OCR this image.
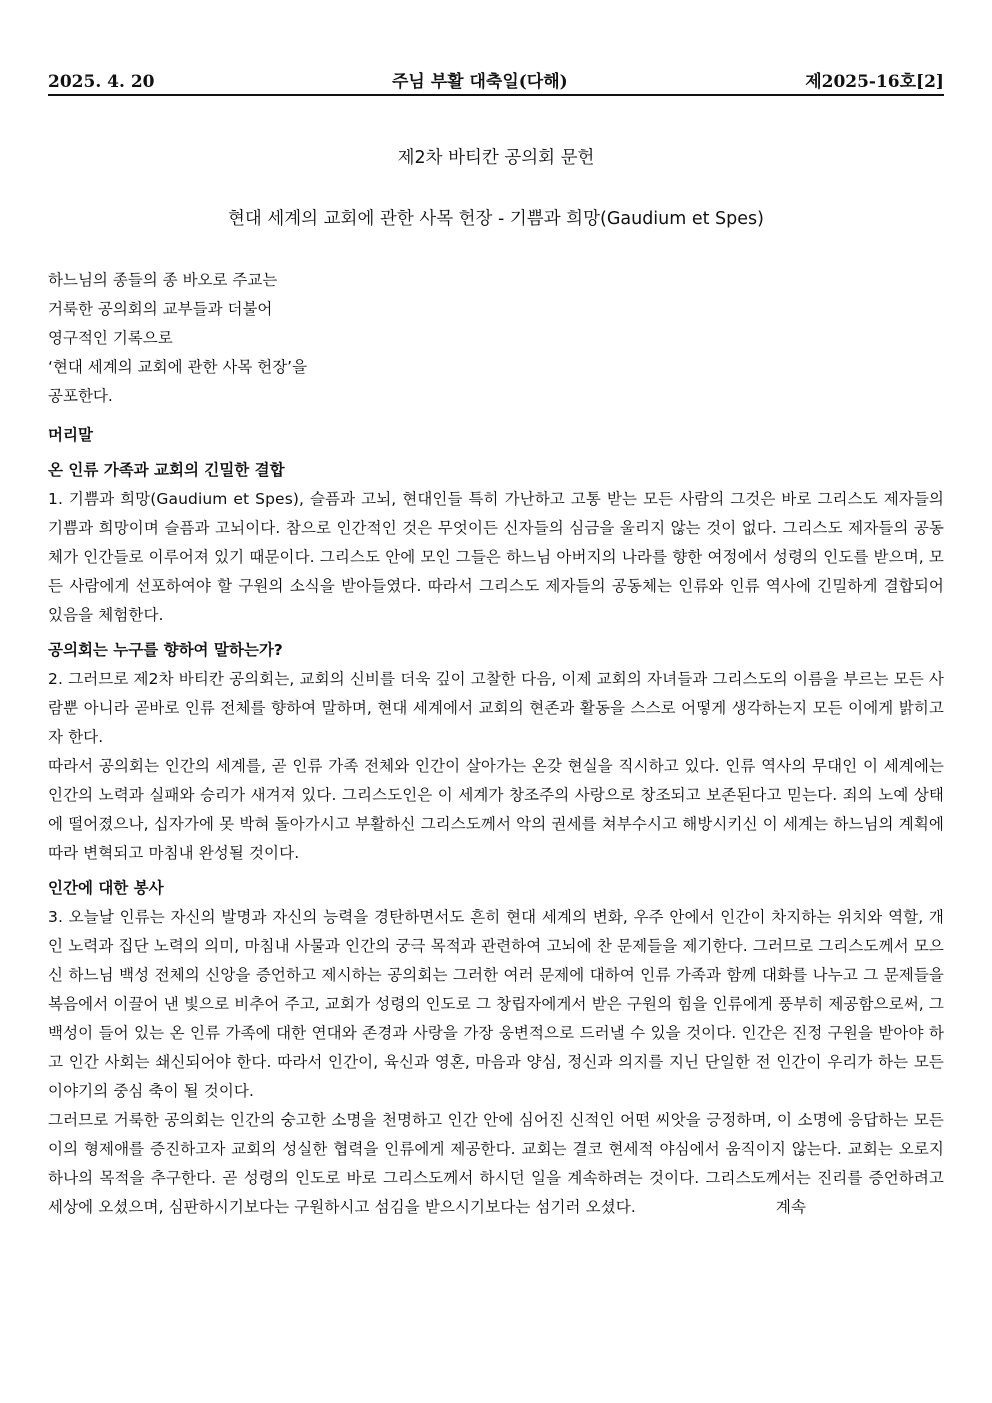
2025. 4. 20	주님 부활 대축일(다해)	제2025-16호[2]
제2차 바티칸 공의회 문헌
현대 세계의 교회에 관한 사목 헌장 - 기쁨과 희망(Gaudium et Spes)
하느님의 종들의 종 바오로 주교는
거룩한 공의회의 교부들과 더불어
영구적인 기록으로
‘현대 세계의 교회에 관한 사목 헌장’을
공포한다.
머리말
온 인류 가족과 교회의 긴밀한 결합
1. 기쁨과 희망(Gaudium et Spes), 슬픔과 고뇌, 현대인들 특히 가난하고 고통 받는 모든 사람의 그것은 바로 그리스도 제자들의 기쁨과 희망이며 슬픔과 고뇌이다. 참으로 인간적인 것은 무엇이든 신자들의 심금을 울리지 않는 것이 없다. 그리스도 제자들의 공동체가 인간들로 이루어져 있기 때문이다. 그리스도 안에 모인 그들은 하느님 아버지의 나라를 향한 여정에서 성령의 인도를 받으며, 모든 사람에게 선포하여야 할 구원의 소식을 받아들였다. 따라서 그리스도 제자들의 공동체는 인류와 인류 역사에 긴밀하게 결합되어 있음을 체험한다.
공의회는 누구를 향하여 말하는가?
2. 그러므로 제2차 바티칸 공의회는, 교회의 신비를 더욱 깊이 고찰한 다음, 이제 교회의 자녀들과 그리스도의 이름을 부르는 모든 사람뿐 아니라 곧바로 인류 전체를 향하여 말하며, 현대 세계에서 교회의 현존과 활동을 스스로 어떻게 생각하는지 모든 이에게 밝히고자 한다.
따라서 공의회는 인간의 세계를, 곧 인류 가족 전체와 인간이 살아가는 온갖 현실을 직시하고 있다. 인류 역사의 무대인 이 세계에는 인간의 노력과 실패와 승리가 새겨져 있다. 그리스도인은 이 세계가 창조주의 사랑으로 창조되고 보존된다고 믿는다. 죄의 노예 상태에 떨어졌으나, 십자가에 못 박혀 돌아가시고 부활하신 그리스도께서 악의 권세를 쳐부수시고 해방시키신 이 세계는 하느님의 계획에 따라 변혁되고 마침내 완성될 것이다.
인간에 대한 봉사
3. 오늘날 인류는 자신의 발명과 자신의 능력을 경탄하면서도 흔히 현대 세계의 변화, 우주 안에서 인간이 차지하는 위치와 역할, 개인 노력과 집단 노력의 의미, 마침내 사물과 인간의 궁극 목적과 관련하여 고뇌에 찬 문제들을 제기한다. 그러므로 그리스도께서 모으신 하느님 백성 전체의 신앙을 증언하고 제시하는 공의회는 그러한 여러 문제에 대하여 인류 가족과 함께 대화를 나누고 그 문제들을 복음에서 이끌어 낸 빛으로 비추어 주고, 교회가 성령의 인도로 그 창립자에게서 받은 구원의 힘을 인류에게 풍부히 제공함으로써, 그 백성이 들어 있는 온 인류 가족에 대한 연대와 존경과 사랑을 가장 웅변적으로 드러낼 수 있을 것이다. 인간은 진정 구원을 받아야 하고 인간 사회는 쇄신되어야 한다. 따라서 인간이, 육신과 영혼, 마음과 양심, 정신과 의지를 지닌 단일한 전 인간이 우리가 하는 모든 이야기의 중심 축이 될 것이다.
그러므로 거룩한 공의회는 인간의 숭고한 소명을 천명하고 인간 안에 심어진 신적인 어떤 씨앗을 긍정하며, 이 소명에 응답하는 모든 이의 형제애를 증진하고자 교회의 성실한 협력을 인류에게 제공한다. 교회는 결코 현세적 야심에서 움직이지 않는다. 교회는 오로지 하나의 목적을 추구한다. 곧 성령의 인도로 바로 그리스도께서 하시던 일을 계속하려는 것이다. 그리스도께서는 진리를 증언하려고 세상에 오셨으며, 심판하시기보다는 구원하시고 섬김을 받으시기보다는 섬기러 오셨다.	계속
